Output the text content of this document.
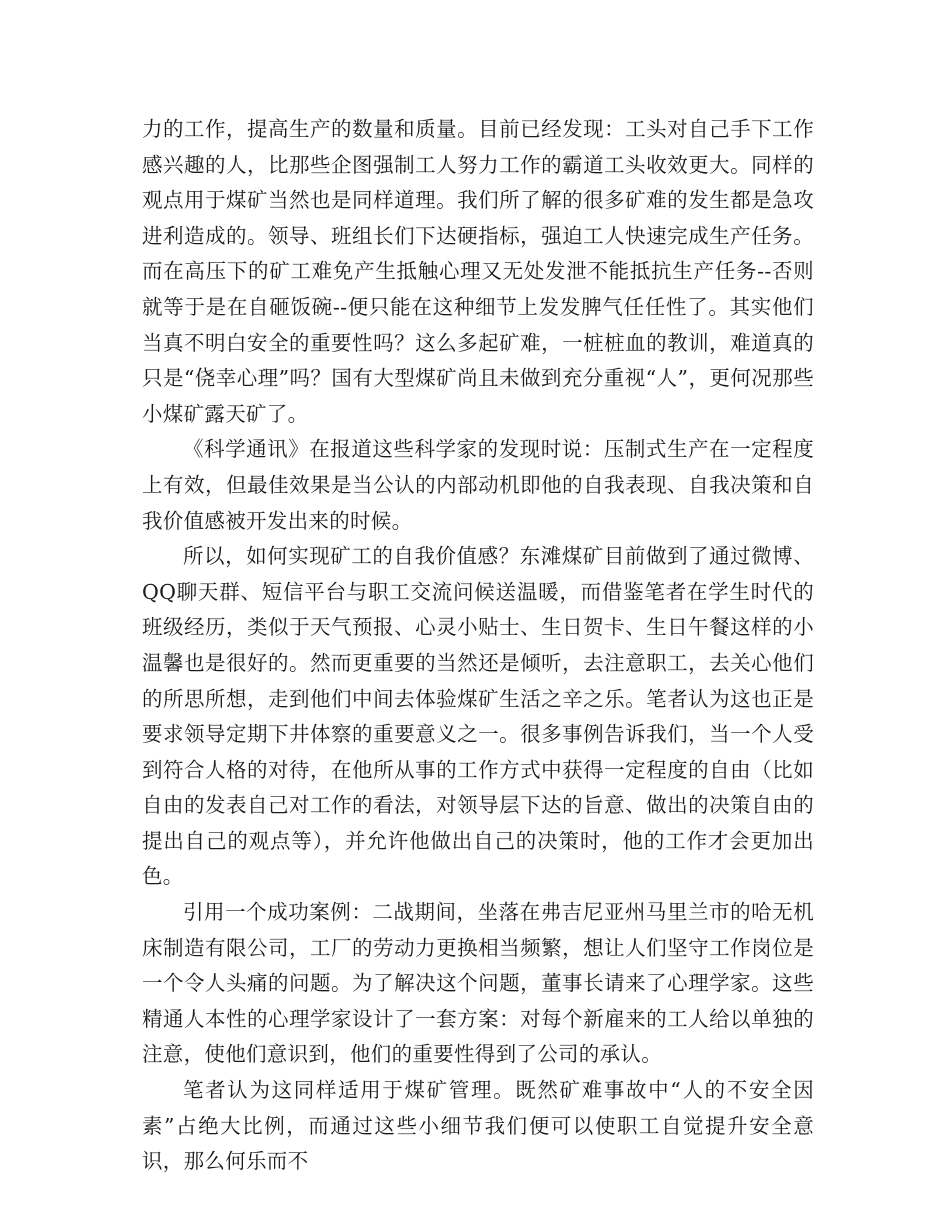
力的工作，提高生产的数量和质量。目前已经发现：工头对自己手下工作感兴趣的人，比那些企图强制工人努力工作的霸道工头收效更大。同样的观点用于煤矿当然也是同样道理。我们所了解的很多矿难的发生都是急攻进利造成的。领导、班组长们下达硬指标，强迫工人快速完成生产任务。而在高压下的矿工难免产生抵触心理又无处发泄不能抵抗生产任务--否则就等于是在自砸饭碗--便只能在这种细节上发发脾气任任性了。其实他们当真不明白安全的重要性吗？这么多起矿难，一桩桩血的教训，难道真的只是“侥幸心理”吗？国有大型煤矿尚且未做到充分重视“人”，更何况那些小煤矿露天矿了。

《科学通讯》在报道这些科学家的发现时说：压制式生产在一定程度上有效，但最佳效果是当公认的内部动机即他的自我表现、自我决策和自我价值感被开发出来的时候。

所以，如何实现矿工的自我价值感？东滩煤矿目前做到了通过微博、QQ聊天群、短信平台与职工交流问候送温暖，而借鉴笔者在学生时代的班级经历，类似于天气预报、心灵小贴士、生日贺卡、生日午餐这样的小温馨也是很好的。然而更重要的当然还是倾听，去注意职工，去关心他们的所思所想，走到他们中间去体验煤矿生活之辛之乐。笔者认为这也正是要求领导定期下井体察的重要意义之一。很多事例告诉我们，当一个人受到符合人格的对待，在他所从事的工作方式中获得一定程度的自由（比如自由的发表自己对工作的看法，对领导层下达的旨意、做出的决策自由的提出自己的观点等），并允许他做出自己的决策时，他的工作才会更加出色。

引用一个成功案例：二战期间，坐落在弗吉尼亚州马里兰市的哈无机床制造有限公司，工厂的劳动力更换相当频繁，想让人们坚守工作岗位是一个令人头痛的问题。为了解决这个问题，董事长请来了心理学家。这些精通人本性的心理学家设计了一套方案：对每个新雇来的工人给以单独的注意，使他们意识到，他们的重要性得到了公司的承认。

笔者认为这同样适用于煤矿管理。既然矿难事故中“人的不安全因素”占绝大比例，而通过这些小细节我们便可以使职工自觉提升安全意识，那么何乐而不
